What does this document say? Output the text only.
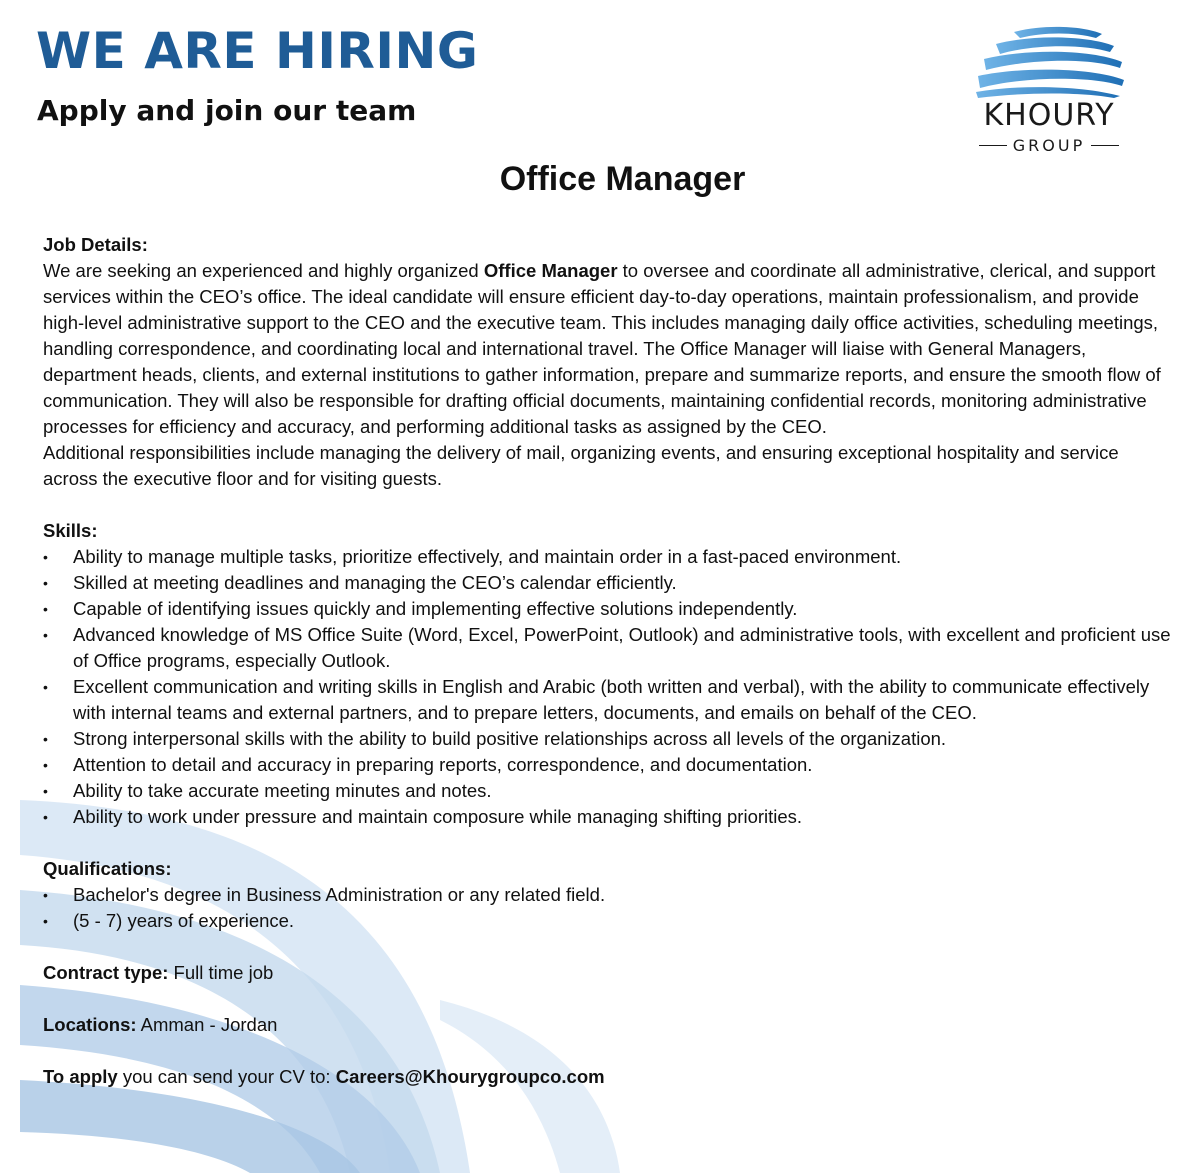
WE ARE HIRING
Apply and join our team	KHOURY
GROUP
Office Manager
Job Details:

We are seeking an experienced and highly organized Office Manager to oversee and coordinate all administrative, clerical, and support services within the CEO’s office. The ideal candidate will ensure efficient day-to-day operations, maintain professionalism, and provide high-level administrative support to the CEO and the executive team. This includes managing daily office activities, scheduling meetings, handling correspondence, and coordinating local and international travel. The Office Manager will liaise with General Managers, department heads, clients, and external institutions to gather information, prepare and summarize reports, and ensure the smooth flow of communication. They will also be responsible for drafting official documents, maintaining confidential records, monitoring administrative processes for efficiency and accuracy, and performing additional tasks as assigned by the CEO.

Additional responsibilities include managing the delivery of mail, organizing events, and ensuring exceptional hospitality and service across the executive floor and for visiting guests.

Skills:
• Ability to manage multiple tasks, prioritize effectively, and maintain order in a fast-paced environment.
• Skilled at meeting deadlines and managing the CEO’s calendar efficiently.
• Capable of identifying issues quickly and implementing effective solutions independently.
• Advanced knowledge of MS Office Suite (Word, Excel, PowerPoint, Outlook) and administrative tools, with excellent and proficient use of Office programs, especially Outlook.
• Excellent communication and writing skills in English and Arabic (both written and verbal), with the ability to communicate effectively with internal teams and external partners, and to prepare letters, documents, and emails on behalf of the CEO.
• Strong interpersonal skills with the ability to build positive relationships across all levels of the organization.
• Attention to detail and accuracy in preparing reports, correspondence, and documentation.
• Ability to take accurate meeting minutes and notes.
• Ability to work under pressure and maintain composure while managing shifting priorities.
Qualifications:
• Bachelor's degree in Business Administration or any related field.
• (5 - 7) years of experience.
Contract type: Full time job
Locations: Amman - Jordan
To apply you can send your CV to: Careers@Khourygroupco.com
